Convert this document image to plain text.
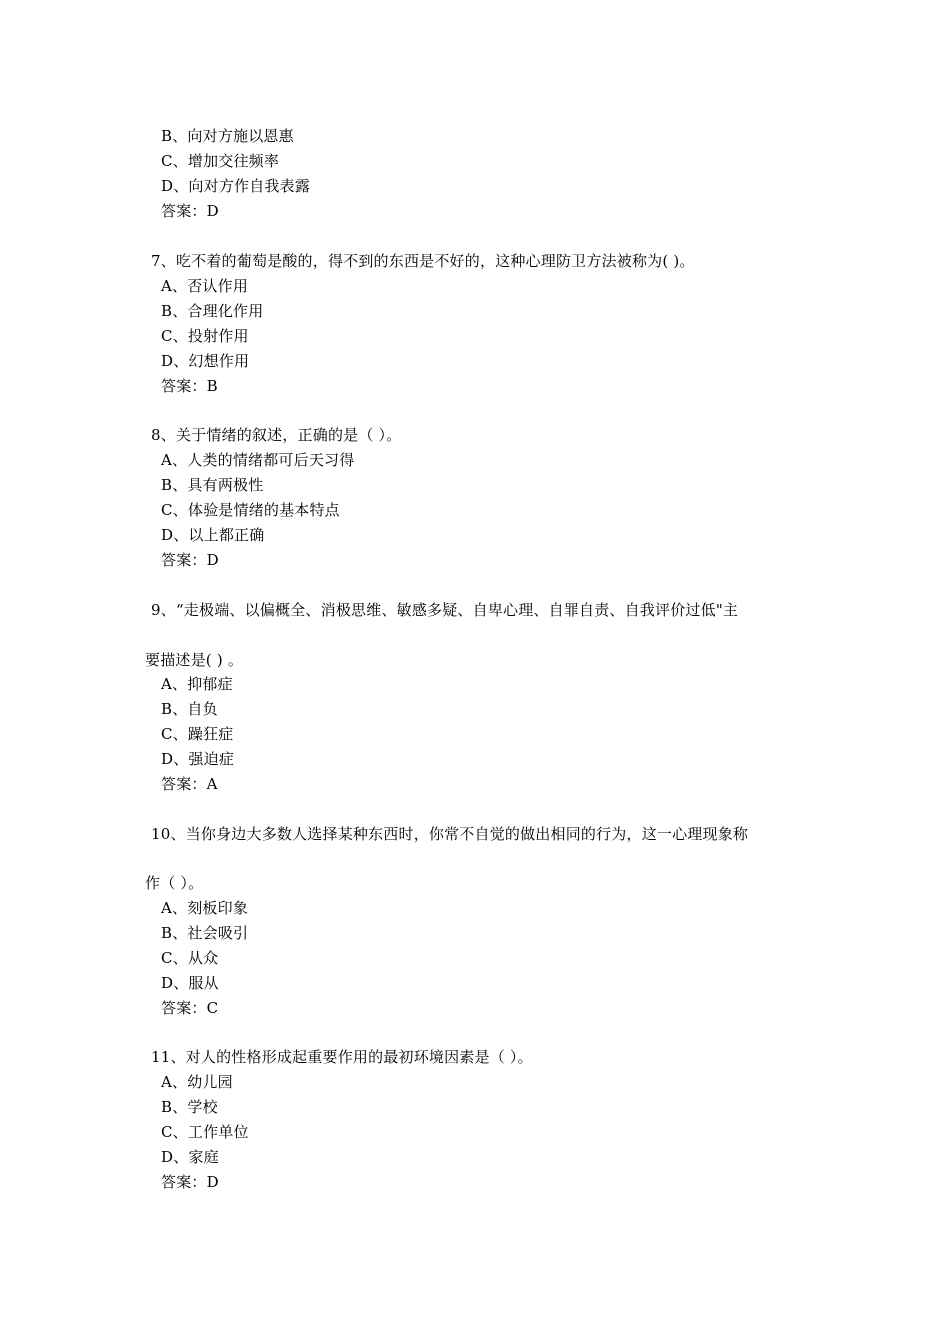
B、向对方施以恩惠
C、增加交往频率
D、向对方作自我表露
答案：D
7、吃不着的葡萄是酸的，得不到的东西是不好的，这种心理防卫方法被称为( )。
A、否认作用
B、合理化作用
C、投射作用
D、幻想作用
答案：B
8、关于情绪的叙述，正确的是（ ）。
A、人类的情绪都可后天习得
B、具有两极性
C、体验是情绪的基本特点
D、以上都正确
答案：D
9、“走极端、以偏概全、消极思维、敏感多疑、自卑心理、自罪自责、自我评价过低"主
要描述是( ) 。
A、抑郁症
B、自负
C、躁狂症
D、强迫症
答案：A
10、当你身边大多数人选择某种东西时，你常不自觉的做出相同的行为，这一心理现象称
作（ ）。
A、刻板印象
B、社会吸引
C、从众
D、服从
答案：C
11、对人的性格形成起重要作用的最初环境因素是（ ）。
A、幼儿园
B、学校
C、工作单位
D、家庭
答案：D
